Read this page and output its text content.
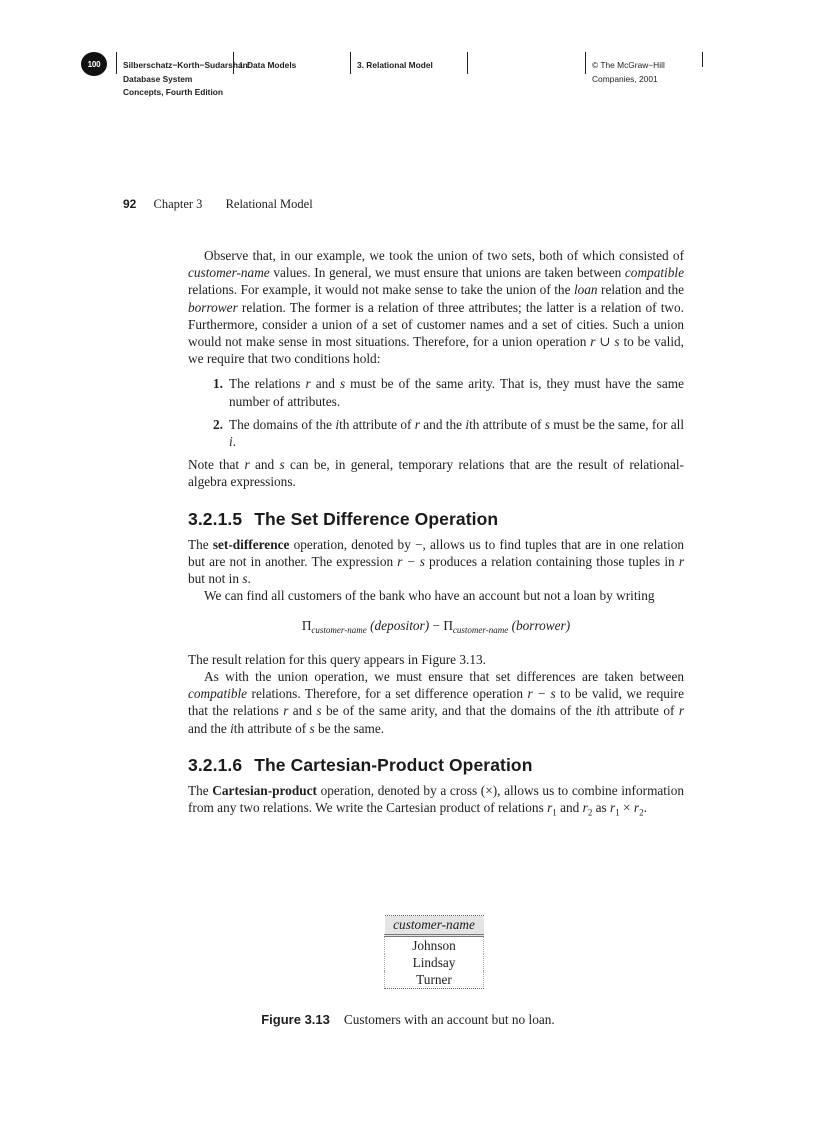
100	Silberschatz−Korth−Sudarshan:
Database System
Concepts, Fourth Edition
I. Data Models	3. Relational Model	© The McGraw−Hill
Companies, 2001
92 Chapter 3 Relational Model

Observe that, in our example, we took the union of two sets, both of which consisted of customer-name values. In general, we must ensure that unions are taken between compatible relations. For example, it would not make sense to take the union of the loan relation and the borrower relation. The former is a relation of three attributes; the latter is a relation of two. Furthermore, consider a union of a set of customer names and a set of cities. Such a union would not make sense in most situations. Therefore, for a union operation r ∪ s to be valid, we require that two conditions hold:

1. The relations r and s must be of the same arity. That is, they must have the same number of attributes.
2. The domains of the ith attribute of r and the ith attribute of s must be the same, for all i.

Note that r and s can be, in general, temporary relations that are the result of relational-algebra expressions.

3.2.1.5 The Set Difference Operation

The set-difference operation, denoted by −, allows us to find tuples that are in one relation but are not in another. The expression r − s produces a relation containing those tuples in r but not in s.

We can find all customers of the bank who have an account but not a loan by writing

$\Pi_{customer-name}$ (depositor) − $\Pi_{customer-name}$ (borrower)

The result relation for this query appears in Figure 3.13.

As with the union operation, we must ensure that set differences are taken between compatible relations. Therefore, for a set difference operation r − s to be valid, we require that the relations r and s be of the same arity, and that the domains of the ith attribute of r and the ith attribute of s be the same.

3.2.1.6 The Cartesian-Product Operation

The Cartesian-product operation, denoted by a cross (×), allows us to combine information from any two relations. We write the Cartesian product of relations $r_1$ and $r_2$ as $r_1 \times r_2$.

customer-name
Johnson
Lindsay
Turner
Figure 3.13 Customers with an account but no loan.
